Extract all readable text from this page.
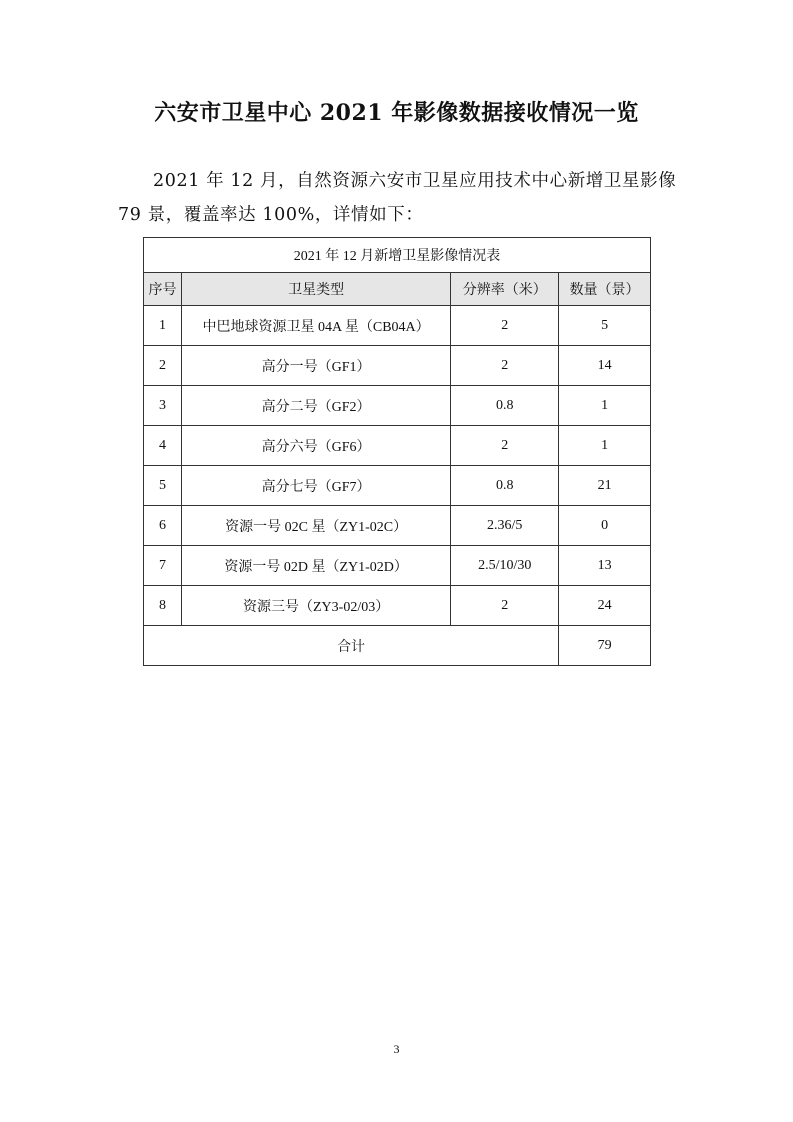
六安市卫星中心 2021 年影像数据接收情况一览

2021 年 12 月，自然资源六安市卫星应用技术中心新增卫星影像 79 景，覆盖率达 100%，详情如下：

2021 年 12 月新增卫星影像情况表			
序号	卫星类型	分辨率（米）	数量（景）
1	中巴地球资源卫星 04A 星（CB04A）	2	5
2	高分一号（GF1）	2	14
3	高分二号（GF2）	0.8	1
4	高分六号（GF6）	2	1
5	高分七号（GF7）	0.8	21
6	资源一号 02C 星（ZY1-02C）	2.36/5	0
7	资源一号 02D 星（ZY1-02D）	2.5/10/30	13
8	资源三号（ZY3-02/03）	2	24
合计			79
3
